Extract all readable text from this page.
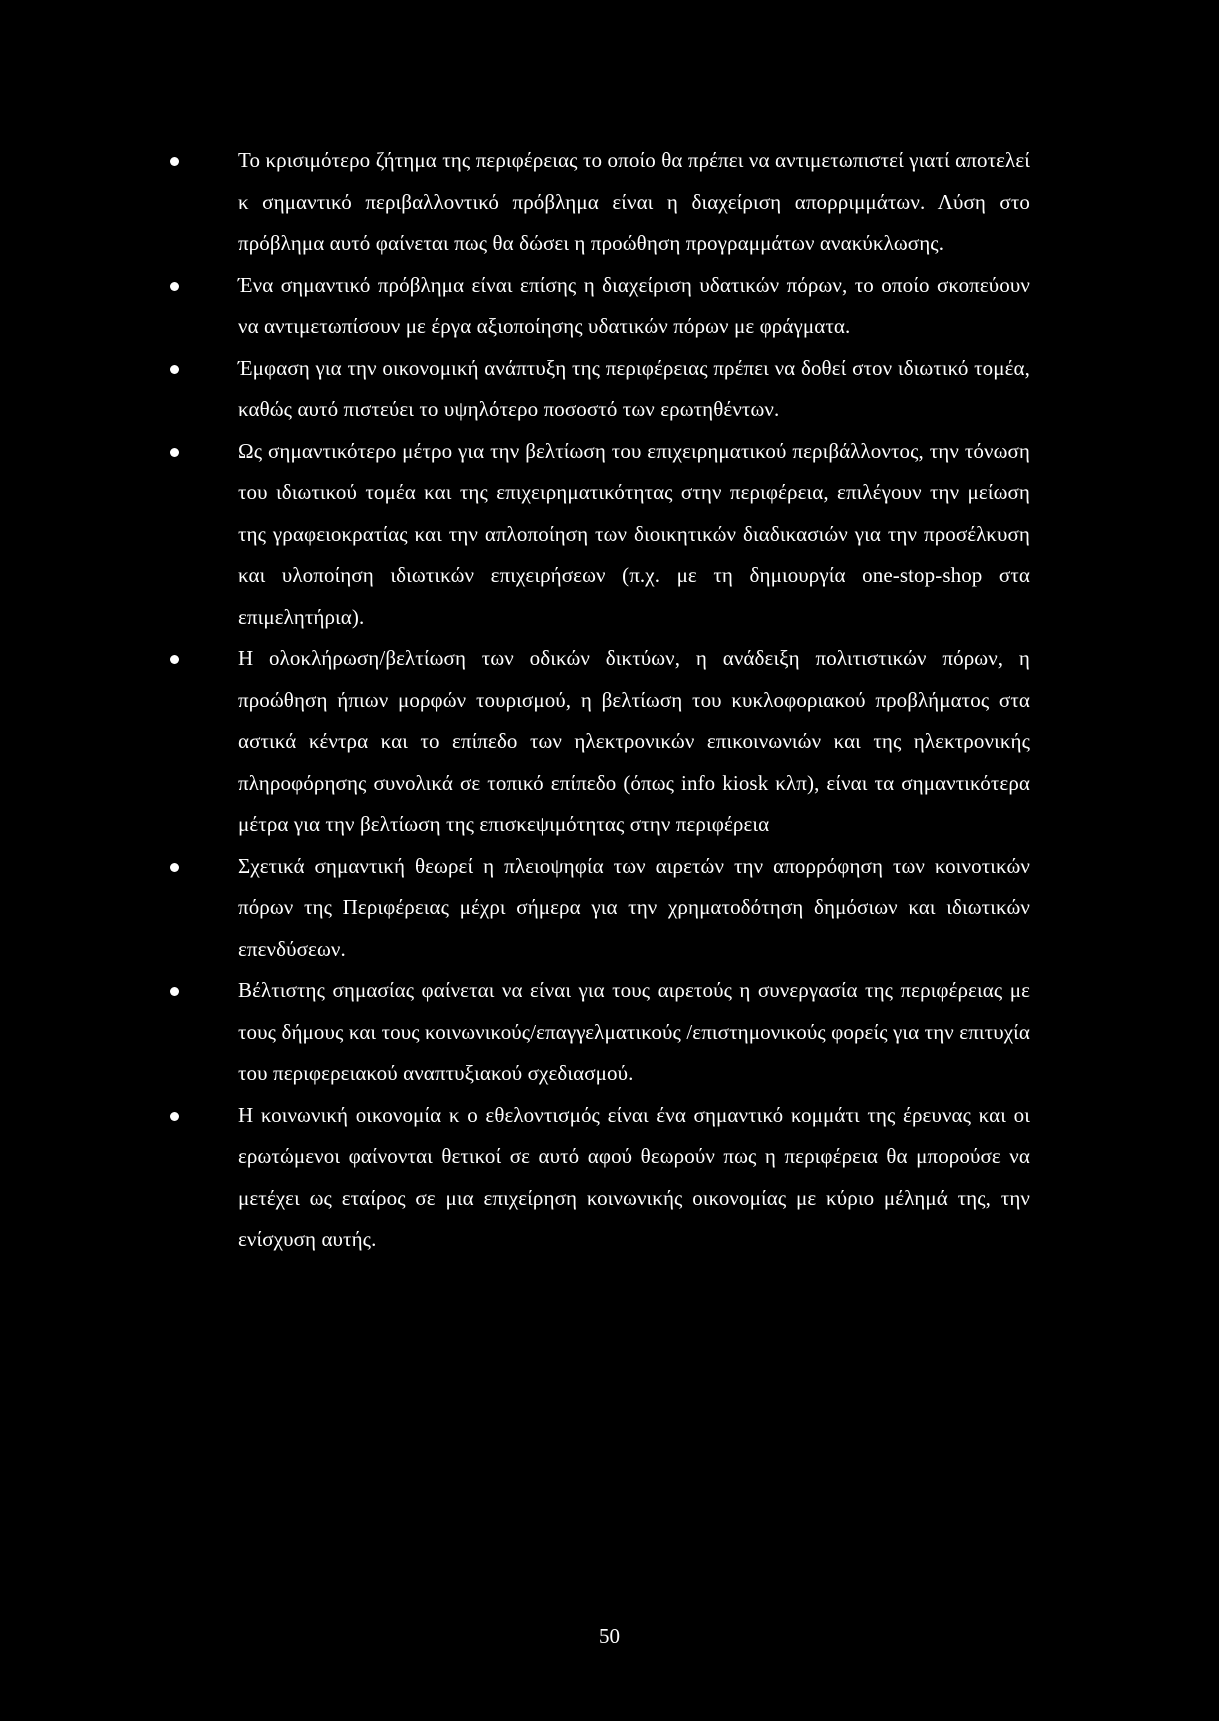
Το κρισιμότερο ζήτημα της περιφέρειας το οποίο θα πρέπει να αντιμετωπιστεί γιατί αποτελεί κ σημαντικό περιβαλλοντικό πρόβλημα είναι η διαχείριση απορριμμάτων. Λύση στο πρόβλημα αυτό φαίνεται πως θα δώσει η προώθηση προγραμμάτων ανακύκλωσης.
Ένα σημαντικό πρόβλημα είναι επίσης η διαχείριση υδατικών πόρων, το οποίο σκοπεύουν να αντιμετωπίσουν με έργα αξιοποίησης υδατικών πόρων με φράγματα.
Έμφαση για την οικονομική ανάπτυξη της περιφέρειας πρέπει να δοθεί στον ιδιωτικό τομέα, καθώς αυτό πιστεύει το υψηλότερο ποσοστό των ερωτηθέντων.
Ως σημαντικότερο μέτρο για την βελτίωση του επιχειρηματικού περιβάλλοντος, την τόνωση του ιδιωτικού τομέα και της επιχειρηματικότητας στην περιφέρεια, επιλέγουν την μείωση της γραφειοκρατίας και την απλοποίηση των διοικητικών διαδικασιών για την προσέλκυση και υλοποίηση ιδιωτικών επιχειρήσεων (π.χ. με τη δημιουργία one-stop-shop στα επιμελητήρια).
Η ολοκλήρωση/βελτίωση των οδικών δικτύων, η ανάδειξη πολιτιστικών πόρων, η προώθηση ήπιων μορφών τουρισμού, η βελτίωση του κυκλοφοριακού προβλήματος στα αστικά κέντρα και το επίπεδο των ηλεκτρονικών επικοινωνιών και της ηλεκτρονικής πληροφόρησης συνολικά σε τοπικό επίπεδο (όπως info kiosk κλπ), είναι τα σημαντικότερα μέτρα για την βελτίωση της επισκεψιμότητας στην περιφέρεια
Σχετικά σημαντική θεωρεί η πλειοψηφία των αιρετών την απορρόφηση των κοινοτικών πόρων της Περιφέρειας μέχρι σήμερα για την χρηματοδότηση δημόσιων και ιδιωτικών επενδύσεων.
Βέλτιστης σημασίας φαίνεται να είναι για τους αιρετούς η συνεργασία της περιφέρειας με τους δήμους και τους κοινωνικούς/επαγγελματικούς /επιστημονικούς φορείς για την επιτυχία του περιφερειακού αναπτυξιακού σχεδιασμού.
Η κοινωνική οικονομία κ ο εθελοντισμός είναι ένα σημαντικό κομμάτι της έρευνας και οι ερωτώμενοι φαίνονται θετικοί σε αυτό αφού θεωρούν πως η περιφέρεια θα μπορούσε να μετέχει ως εταίρος σε μια επιχείρηση κοινωνικής οικονομίας με κύριο μέλημά της, την ενίσχυση αυτής.
50
